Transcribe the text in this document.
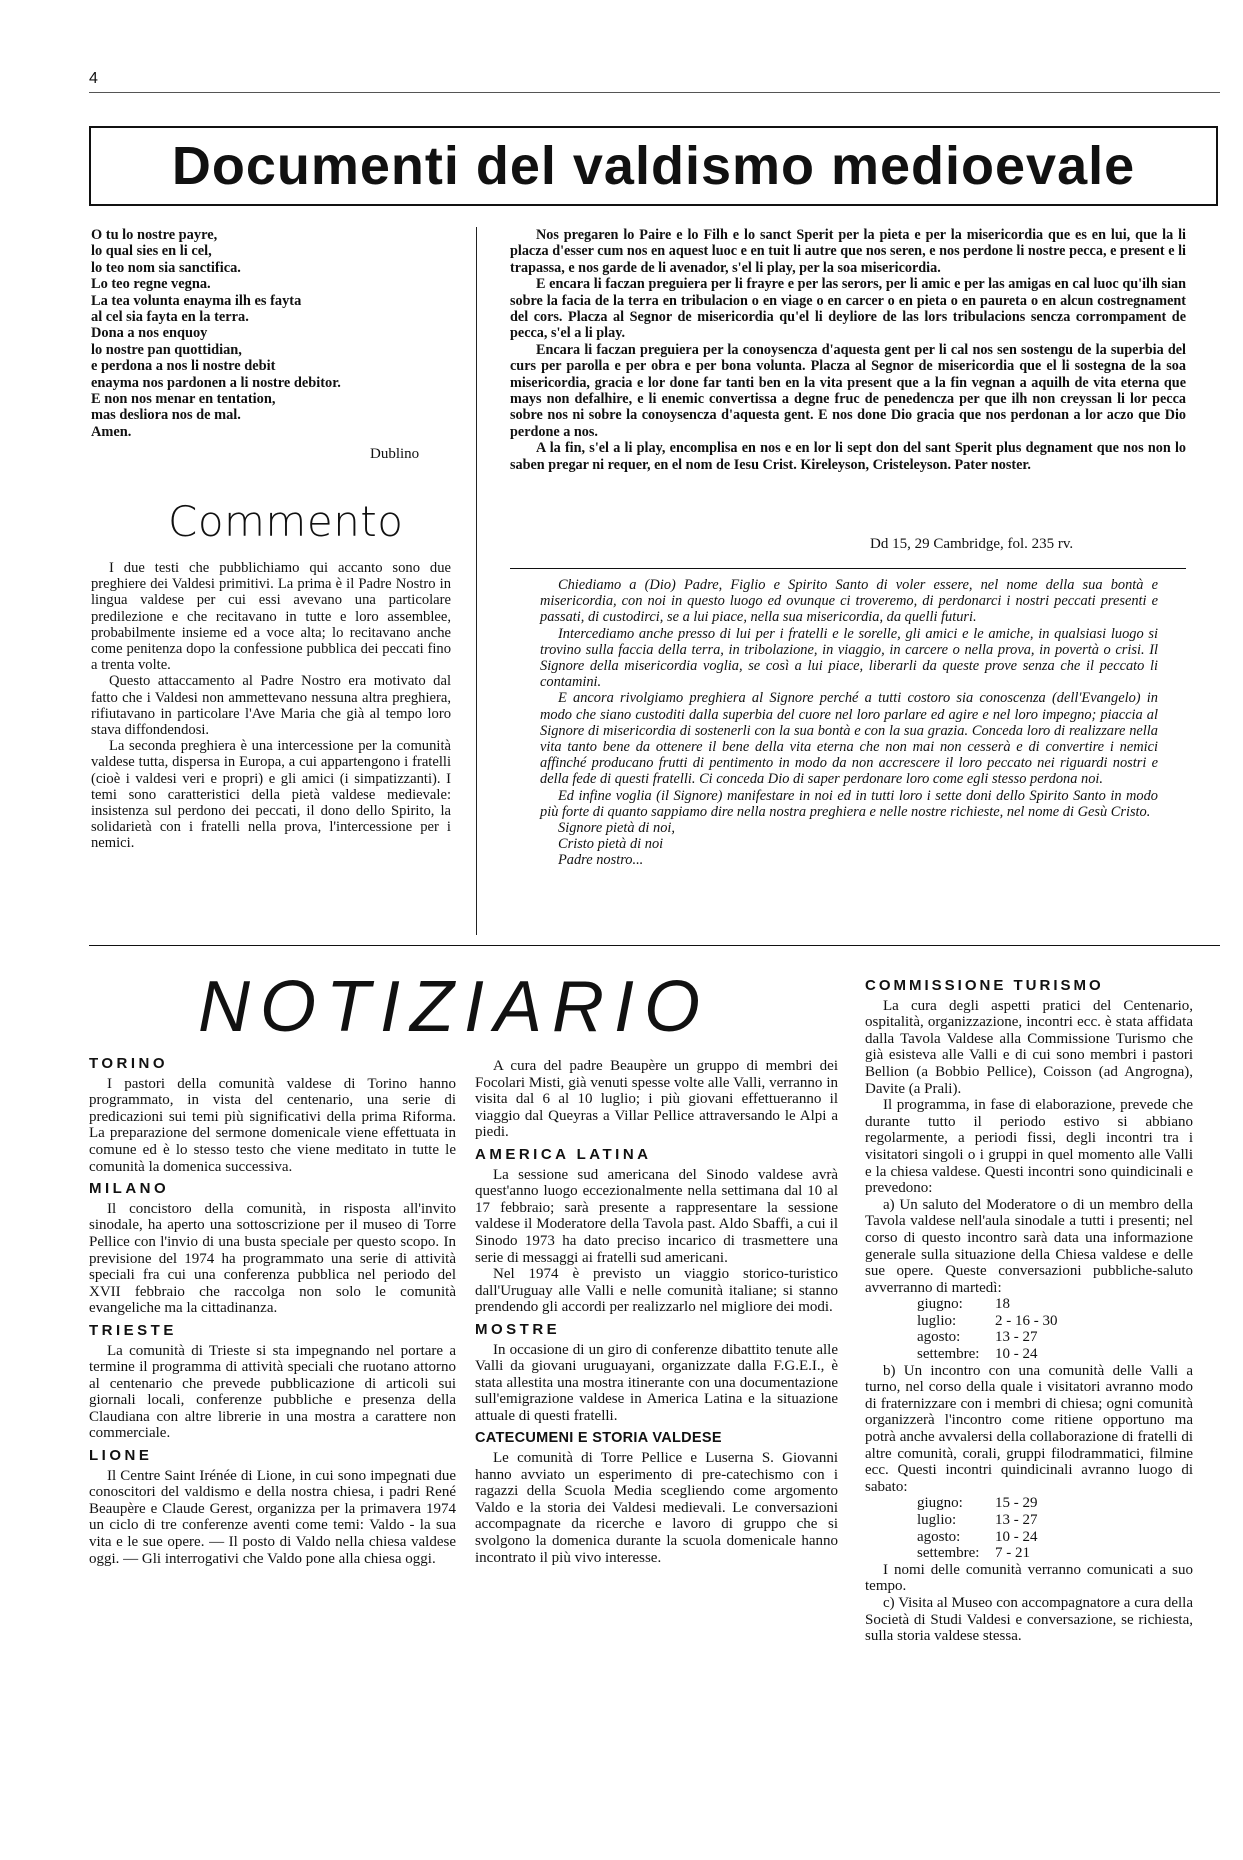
4
Documenti del valdismo medioevale
O tu lo nostre payre,
lo qual sies en li cel,
lo teo nom sia sanctifica.
Lo teo regne vegna.
La tea volunta enayma ilh es fayta
al cel sia fayta en la terra.
Dona a nos enquoy
lo nostre pan quottidian,
e perdona a nos li nostre debit
enayma nos pardonen a li nostre debitor.
E non nos menar en tentation,
mas desliora nos de mal.
Amen.
Dublino
Commento

I due testi che pubblichiamo qui accanto sono due preghiere dei Valdesi primitivi. La prima è il Padre Nostro in lingua valdese per cui essi avevano una particolare predilezione e che recitavano in tutte e loro assemblee, probabilmente insieme ed a voce alta; lo recitavano anche come penitenza dopo la confessione pubblica dei peccati fino a trenta volte.

Questo attaccamento al Padre Nostro era motivato dal fatto che i Valdesi non ammettevano nessuna altra preghiera, rifiutavano in particolare l'Ave Maria che già al tempo loro stava diffondendosi.

La seconda preghiera è una intercessione per la comunità valdese tutta, dispersa in Europa, a cui appartengono i fratelli (cioè i valdesi veri e propri) e gli amici (i simpatizzanti). I temi sono caratteristici della pietà valdese medievale: insistenza sul perdono dei peccati, il dono dello Spirito, la solidarietà con i fratelli nella prova, l'intercessione per i nemici.

Nos pregaren lo Paire e lo Filh e lo sanct Sperit per la pieta e per la misericordia que es en lui, que la li placza d'esser cum nos en aquest luoc e en tuit li autre que nos seren, e nos perdone li nostre pecca, e present e li trapassa, e nos garde de li avenador, s'el li play, per la soa misericordia.

E encara li faczan preguiera per li frayre e per las serors, per li amic e per las amigas en cal luoc qu'ilh sian sobre la facia de la terra en tribulacion o en viage o en carcer o en pieta o en paureta o en alcun costregnament del cors. Placza al Segnor de misericordia qu'el li deyliore de las lors tribulacions senсza corrompament de pecca, s'el a li play.

Encara li faczan preguiera per la conoysenсza d'aquesta gent per li cal nos sen sostengu de la superbia del curs per parolla e per obra e per bona volunta. Placza al Segnor de misericordia que el li sostegna de la soa misericordia, gracia e lor done far tanti ben en la vita present que a la fin vegnan a aquilh de vita eterna que mays non defalhire, e li enemic convertissa a degne fruc de penedenсza per que ilh non creyssan li lor pecca sobre nos ni sobre la conoysenсza d'aquesta gent. E nos done Dio gracia que nos perdonan a lor aczo que Dio perdone a nos.

A la fin, s'el a li play, encomplisa en nos e en lor li sept don del sant Sperit plus degnament que nos non lo saben pregar ni requer, en el nom de Iesu Crist. Kireleyson, Cristeleyson. Pater noster.

Dd 15, 29 Cambridge, fol. 235 rv.

Chiediamo a (Dio) Padre, Figlio e Spirito Santo di voler essere, nel nome della sua bontà e misericordia, con noi in questo luogo ed ovunque ci troveremo, di perdonarci i nostri peccati presenti e passati, di custodirci, se a lui piace, nella sua misericordia, da quelli futuri.

Intercediamo anche presso di lui per i fratelli e le sorelle, gli amici e le amiche, in qualsiasi luogo si trovino sulla faccia della terra, in tribolazione, in viaggio, in carcere o nella prova, in povertà o crisi. Il Signore della misericordia voglia, se così a lui piace, liberarli da queste prove senza che il peccato li contamini.

E ancora rivolgiamo preghiera al Signore perché a tutti costoro sia conoscenza (dell'Evangelo) in modo che siano custoditi dalla superbia del cuore nel loro parlare ed agire e nel loro impegno; piaccia al Signore di misericordia di sostenerli con la sua bontà e con la sua grazia. Conceda loro di realizzare nella vita tanto bene da ottenere il bene della vita eterna che non mai non cesserà e di convertire i nemici affinché producano frutti di pentimento in modo da non accrescere il loro peccato nei riguardi nostri e della fede di questi fratelli. Ci conceda Dio di saper perdonare loro come egli stesso perdona noi.

Ed infine voglia (il Signore) manifestare in noi ed in tutti loro i sette doni dello Spirito Santo in modo più forte di quanto sappiamo dire nella nostra preghiera e nelle nostre richieste, nel nome di Gesù Cristo.

Signore pietà di noi,

Cristo pietà di noi

Padre nostro...

NOTIZIARIO
TORINO

I pastori della comunità valdese di Torino hanno programmato, in vista del centenario, una serie di predicazioni sui temi più significativi della prima Riforma. La preparazione del sermone domenicale viene effettuata in comune ed è lo stesso testo che viene meditato in tutte le comunità la domenica successiva.

MILANO

Il concistoro della comunità, in risposta all'invito sinodale, ha aperto una sottoscrizione per il museo di Torre Pellice con l'invio di una busta speciale per questo scopo. In previsione del 1974 ha programmato una serie di attività speciali fra cui una conferenza pubblica nel periodo del XVII febbraio che raccolga non solo le comunità evangeliche ma la cittadinanza.

TRIESTE

La comunità di Trieste si sta impegnando nel portare a termine il programma di attività speciali che ruotano attorno al centenario che prevede pubblicazione di articoli sui giornali locali, conferenze pubbliche e presenza della Claudiana con altre librerie in una mostra a carattere non commerciale.

LIONE

Il Centre Saint Irénée di Lione, in cui sono impegnati due conoscitori del valdismo e della nostra chiesa, i padri René Beaupère e Claude Gerest, organizza per la primavera 1974 un ciclo di tre conferenze aventi come temi: Valdo - la sua vita e le sue opere. — Il posto di Valdo nella chiesa valdese oggi. — Gli interrogativi che Valdo pone alla chiesa oggi.

A cura del padre Beaupère un gruppo di membri dei Focolari Misti, già venuti spesse volte alle Valli, verranno in visita dal 6 al 10 luglio; i più giovani effettueranno il viaggio dal Queyras a Villar Pellice attraversando le Alpi a piedi.

AMERICA LATINA

La sessione sud americana del Sinodo valdese avrà quest'anno luogo eccezionalmente nella settimana dal 10 al 17 febbraio; sarà presente a rappresentare la sessione valdese il Moderatore della Tavola past. Aldo Sbaffi, a cui il Sinodo 1973 ha dato preciso incarico di trasmettere una serie di messaggi ai fratelli sud americani.

Nel 1974 è previsto un viaggio storico-turistico dall'Uruguay alle Valli e nelle comunità italiane; si stanno prendendo gli accordi per realizzarlo nel migliore dei modi.

MOSTRE

In occasione di un giro di conferenze dibattito tenute alle Valli da giovani uruguayani, organizzate dalla F.G.E.I., è stata allestita una mostra itinerante con una documentazione sull'emigrazione valdese in America Latina e la situazione attuale di questi fratelli.

CATECUMENI E STORIA VALDESE

Le comunità di Torre Pellice e Luserna S. Giovanni hanno avviato un esperimento di pre-catechismo con i ragazzi della Scuola Media scegliendo come argomento Valdo e la storia dei Valdesi medievali. Le conversazioni accompagnate da ricerche e lavoro di gruppo che si svolgono la domenica durante la scuola domenicale hanno incontrato il più vivo interesse.

COMMISSIONE TURISMO

La cura degli aspetti pratici del Centenario, ospitalità, organizzazione, incontri ecc. è stata affidata dalla Tavola Valdese alla Commissione Turismo che già esisteva alle Valli e di cui sono membri i pastori Bellion (a Bobbio Pellice), Coisson (ad Angrogna), Davite (a Prali).

Il programma, in fase di elaborazione, prevede che durante tutto il periodo estivo si abbiano regolarmente, a periodi fissi, degli incontri tra i visitatori singoli o i gruppi in quel momento alle Valli e la chiesa valdese. Questi incontri sono quindicinali e prevedono:

a) Un saluto del Moderatore o di un membro della Tavola valdese nell'aula sinodale a tutti i presenti; nel corso di questo incontro sarà data una informazione generale sulla situazione della Chiesa valdese e delle sue opere. Queste conversazioni pubbliche-saluto avverranno di martedì:

giugno:	18
luglio:	2 - 16 - 30
agosto:	13 - 27
settembre:	10 - 24

b) Un incontro con una comunità delle Valli a turno, nel corso della quale i visitatori avranno modo di fraternizzare con i membri di chiesa; ogni comunità organizzerà l'incontro come ritiene opportuno ma potrà anche avvalersi della collaborazione di fratelli di altre comunità, corali, gruppi filodrammatici, filmine ecc. Questi incontri quindicinali avranno luogo di sabato:

giugno:	15 - 29
luglio:	13 - 27
agosto:	10 - 24
settembre:	7 - 21

I nomi delle comunità verranno comunicati a suo tempo.

c) Visita al Museo con accompagnatore a cura della Società di Studi Valdesi e conversazione, se richiesta, sulla storia valdese stessa.
